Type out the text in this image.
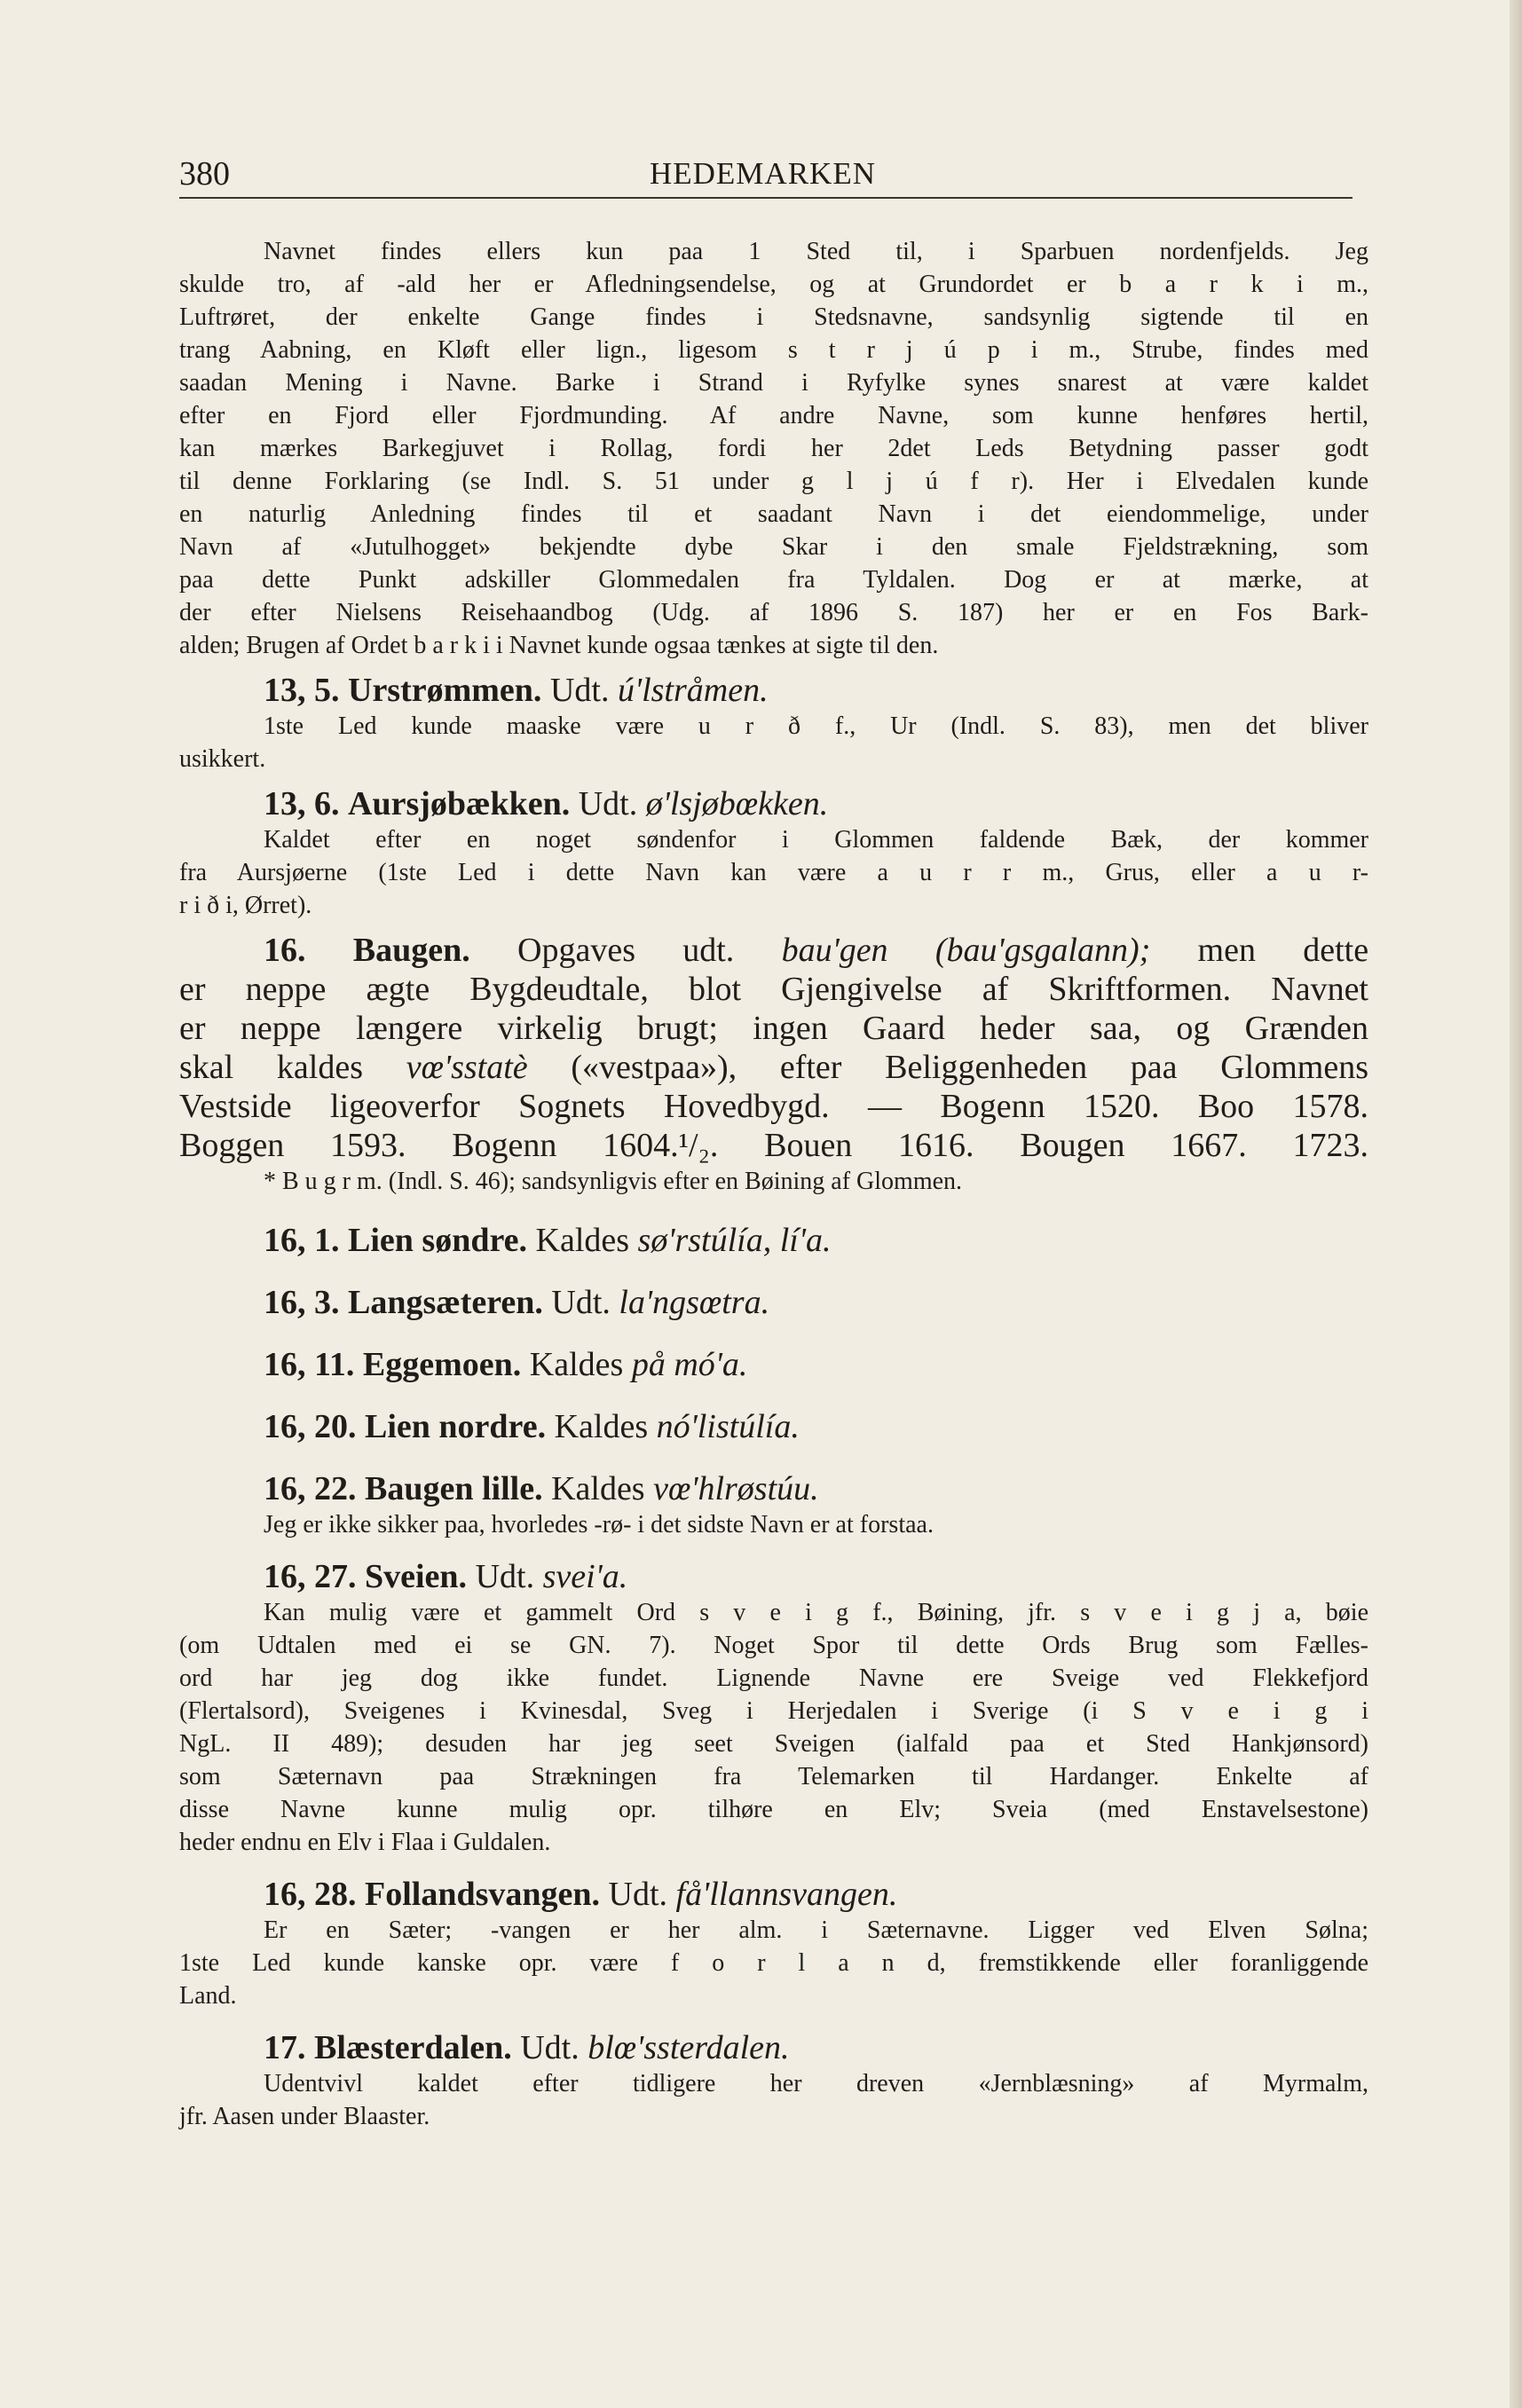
380	HEDEMARKEN
Navnet findes ellers kun paa 1 Sted til, i Sparbuen nordenfjelds. Jeg
skulde tro, af -ald her er Afledningsendelse, og at Grundordet er b a r k i m.,
Luftrøret, der enkelte Gange findes i Stedsnavne, sandsynlig sigtende til en
trang Aabning, en Kløft eller lign., ligesom s t r j ú p i m., Strube, findes med
saadan Mening i Navne. Barke i Strand i Ryfylke synes snarest at være kaldet
efter en Fjord eller Fjordmunding. Af andre Navne, som kunne henføres hertil,
kan mærkes Barkegjuvet i Rollag, fordi her 2det Leds Betydning passer godt
til denne Forklaring (se Indl. S. 51 under g l j ú f r). Her i Elvedalen kunde
en naturlig Anledning findes til et saadant Navn i det eiendommelige, under
Navn af «Jutulhogget» bekjendte dybe Skar i den smale Fjeldstrækning, som
paa dette Punkt adskiller Glommedalen fra Tyldalen. Dog er at mærke, at
der efter Nielsens Reisehaandbog (Udg. af 1896 S. 187) her er en Fos Bark-
alden; Brugen af Ordet b a r k i i Navnet kunde ogsaa tænkes at sigte til den.
13, 5. Urstrømmen. Udt. ú'lstråmen.
1ste Led kunde maaske være u r ð f., Ur (Indl. S. 83), men det bliver
usikkert.
13, 6. Aursjøbækken. Udt. ø'lsjøbœkken.
Kaldet efter en noget søndenfor i Glommen faldende Bæk, der kommer
fra Aursjøerne (1ste Led i dette Navn kan være a u r r m., Grus, eller a u r-
r i ð i, Ørret).
16. Baugen. Opgaves udt. bau'gen (bau'gsgalann); men dette
er neppe ægte Bygdeudtale, blot Gjengivelse af Skriftformen. Navnet
er neppe længere virkelig brugt; ingen Gaard heder saa, og Grænden
skal kaldes vœ'sstatè («vestpaa»), efter Beliggenheden paa Glommens
Vestside ligeoverfor Sognets Hovedbygd. — Bogenn 1520. Boo 1578.
Boggen 1593. Bogenn 1604.¹/₂. Bouen 1616. Bougen 1667. 1723.
* B u g r m. (Indl. S. 46); sandsynligvis efter en Bøining af Glommen.
16, 1. Lien søndre. Kaldes sø'rstúlía, lí'a.
16, 3. Langsæteren. Udt. la'ngsœtra.
16, 11. Eggemoen. Kaldes på mó'a.
16, 20. Lien nordre. Kaldes nó'listúlía.
16, 22. Baugen lille. Kaldes vœ'hlrøstúu.
Jeg er ikke sikker paa, hvorledes -rø- i det sidste Navn er at forstaa.
16, 27. Sveien. Udt. svei'a.
Kan mulig være et gammelt Ord s v e i g f., Bøining, jfr. s v e i g j a, bøie
(om Udtalen med ei se GN. 7). Noget Spor til dette Ords Brug som Fælles-
ord har jeg dog ikke fundet. Lignende Navne ere Sveige ved Flekkefjord
(Flertalsord), Sveigenes i Kvinesdal, Sveg i Herjedalen i Sverige (i S v e i g i
NgL. II 489); desuden har jeg seet Sveigen (ialfald paa et Sted Hankjønsord)
som Sæternavn paa Strækningen fra Telemarken til Hardanger. Enkelte af
disse Navne kunne mulig opr. tilhøre en Elv; Sveia (med Enstavelsestone)
heder endnu en Elv i Flaa i Guldalen.
16, 28. Follandsvangen. Udt. få'llannsvangen.
Er en Sæter; -vangen er her alm. i Sæternavne. Ligger ved Elven Sølna;
1ste Led kunde kanske opr. være f o r l a n d, fremstikkende eller foranliggende
Land.
17. Blæsterdalen. Udt. blœ'ssterdalen.
Udentvivl kaldet efter tidligere her dreven «Jernblæsning» af Myrmalm,
jfr. Aasen under Blaaster.
